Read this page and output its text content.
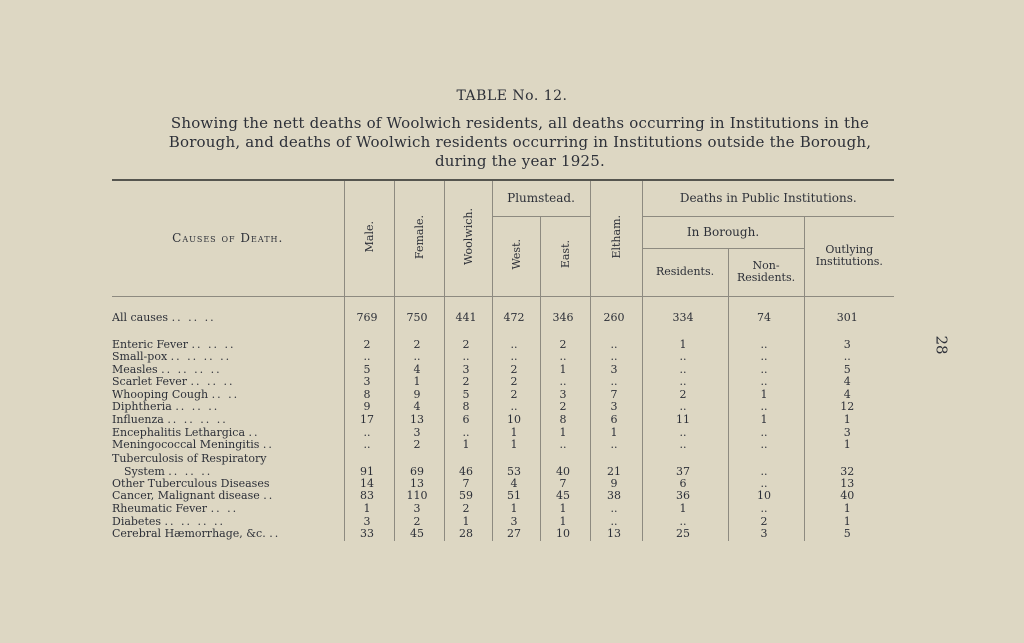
TABLE No. 12.
Showing the nett deaths of Woolwich residents, all deaths occurring in Institutions in the Borough, and deaths of Woolwich residents occurring in Institutions outside the Borough, during the year 1925.
28
Causes of Death.	Male.	Female.	Woolwich.	Plumstead.		Eltham.	Deaths in Public Institutions.		
				West.	East.		In Borough.		Outlying Institutions.
							Residents.	Non-Residents.	

All causes .. .. ..	769	750	441	472	346	260	334	74	301

Enteric Fever .. .. ..	2	2	2	..	2	..	1	..	3
Small-pox .. .. .. ..	..	..	..	..	..	..	..	..	..
Measles .. .. .. ..	5	4	3	2	1	3	..	..	5
Scarlet Fever .. .. ..	3	1	2	2	..	..	..	..	4
Whooping Cough .. ..	8	9	5	2	3	7	2	1	4
Diphtheria .. .. ..	9	4	8	..	2	3	..	..	12
Influenza .. .. .. ..	17	13	6	10	8	6	11	1	1
Encephalitis Lethargica ..	..	3	..	1	1	1	..	..	3
Meningococcal Meningitis ..	..	2	1	1	..	..	..	..	1
Tuberculosis of Respiratory
System .. .. ..	91	69	46	53	40	21	37	..	32
Other Tuberculous Diseases	14	13	7	4	7	9	6	..	13
Cancer, Malignant disease ..	83	110	59	51	45	38	36	10	40
Rheumatic Fever .. ..	1	3	2	1	1	..	1	..	1
Diabetes .. .. .. ..	3	2	1	3	1	..	..	2	1
Cerebral Hæmorrhage, &c. ..	33	45	28	27	10	13	25	3	5
